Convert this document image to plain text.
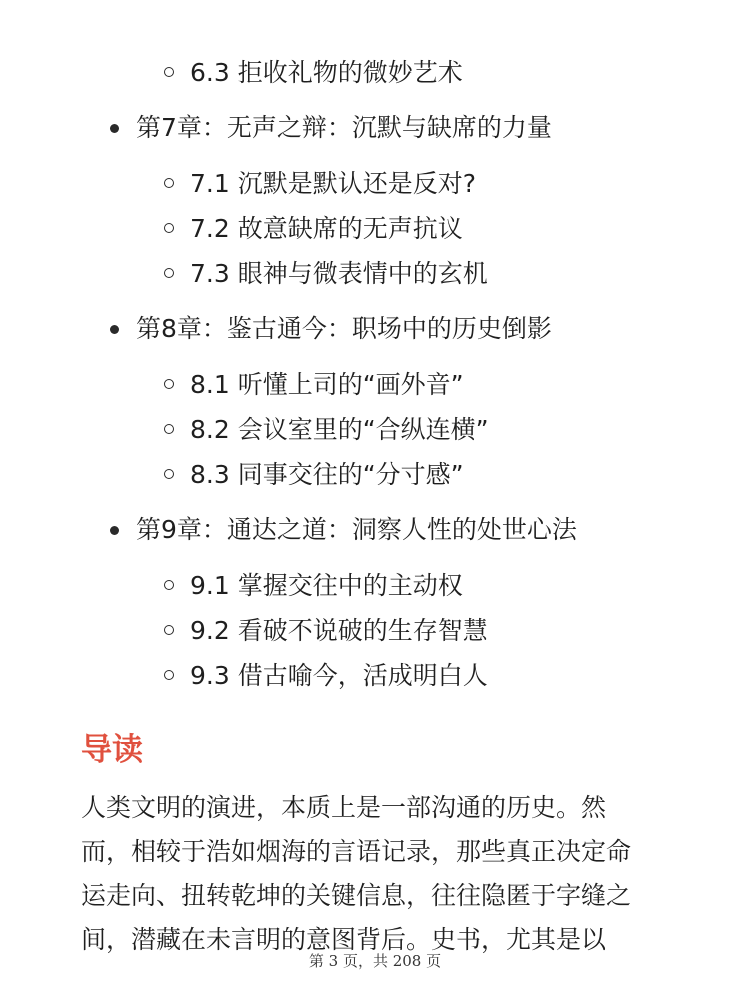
6.3 拒收礼物的微妙艺术
第7章：无声之辩：沉默与缺席的力量
7.1 沉默是默认还是反对?
7.2 故意缺席的无声抗议
7.3 眼神与微表情中的玄机
第8章：鉴古通今：职场中的历史倒影
8.1 听懂上司的“画外音”
8.2 会议室里的“合纵连横”
8.3 同事交往的“分寸感”
第9章：通达之道：洞察人性的处世心法
9.1 掌握交往中的主动权
9.2 看破不说破的生存智慧
9.3 借古喻今，活成明白人
导读

人类文明的演进，本质上是一部沟通的历史。然
而，相较于浩如烟海的言语记录，那些真正决定命
运走向、扭转乾坤的关键信息，往往隐匿于字缝之
间，潜藏在未言明的意图背后。史书，尤其是以

第 3 页，共 208 页
